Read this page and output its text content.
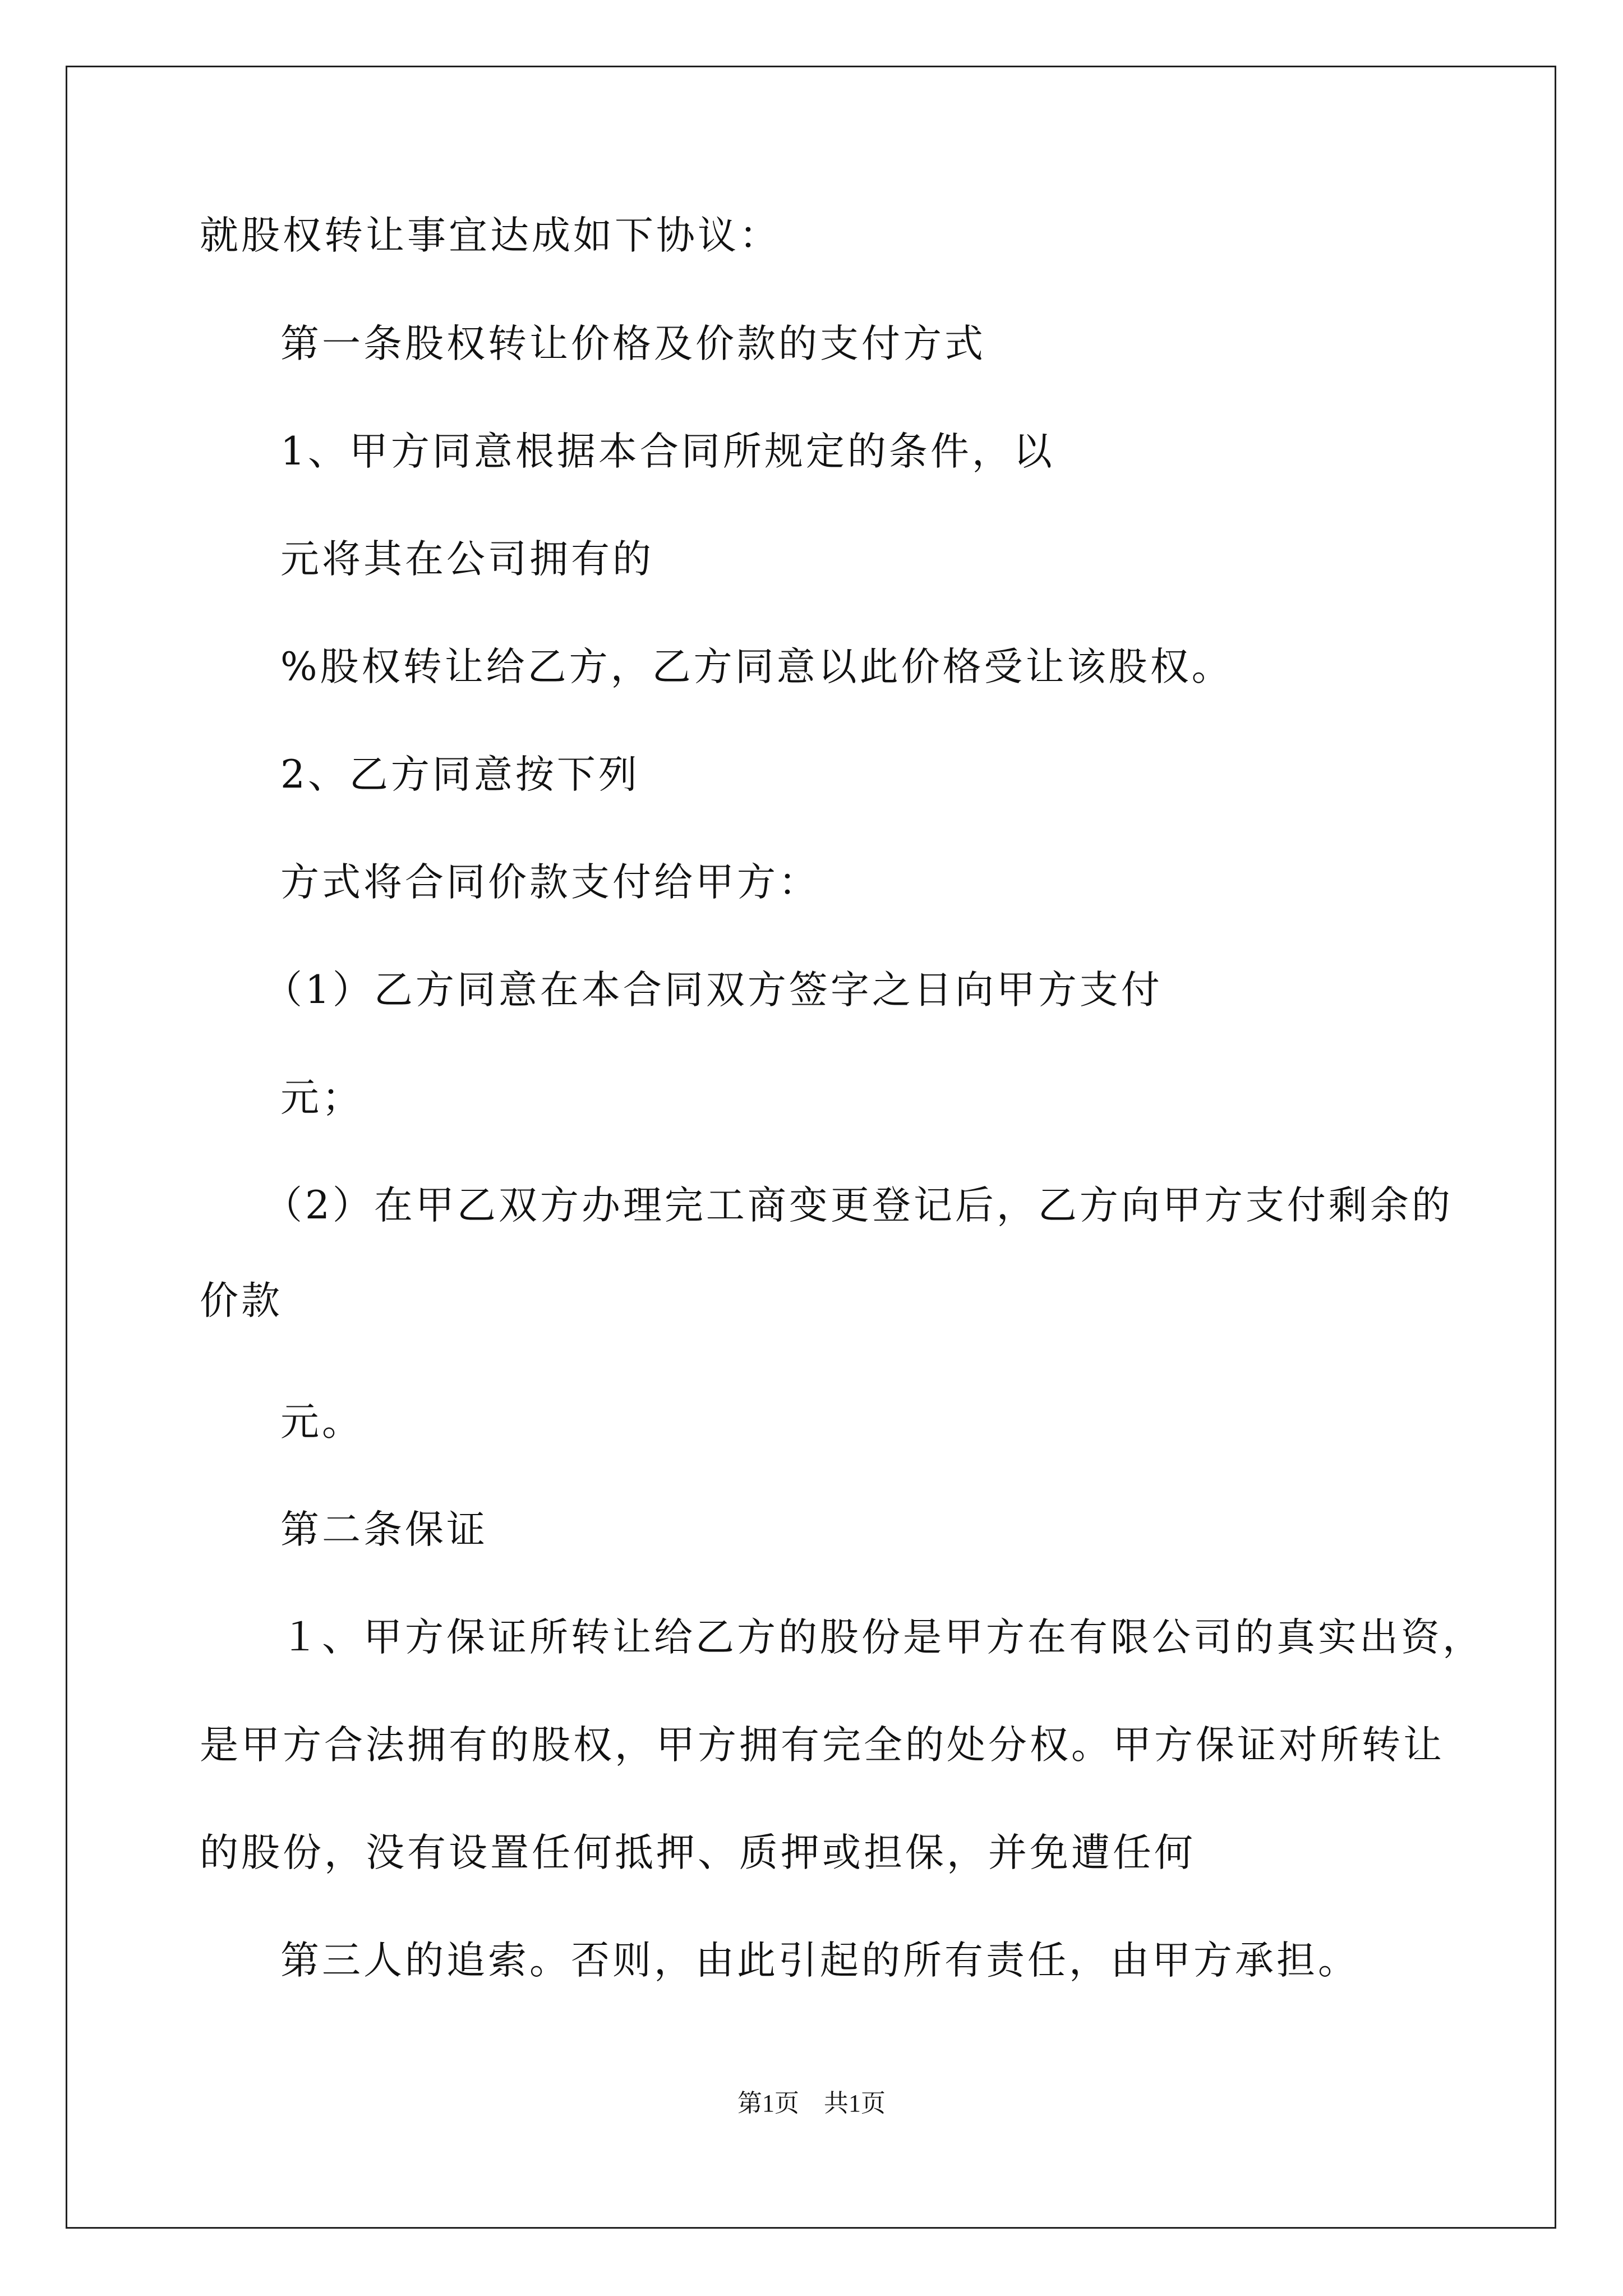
就股权转让事宜达成如下协议：
第一条股权转让价格及价款的支付方式
1、甲方同意根据本合同所规定的条件，以
元将其在公司拥有的
%股权转让给乙方，乙方同意以此价格受让该股权。
2、乙方同意按下列
方式将合同价款支付给甲方：
（1）乙方同意在本合同双方签字之日向甲方支付
元；
（2）在甲乙双方办理完工商变更登记后，乙方向甲方支付剩余的
价款
元。
第二条保证
１、甲方保证所转让给乙方的股份是甲方在有限公司的真实出资，
是甲方合法拥有的股权，甲方拥有完全的处分权。甲方保证对所转让
的股份，没有设置任何抵押、质押或担保，并免遭任何
第三人的追索。否则，由此引起的所有责任，由甲方承担。
第1页 共1页
